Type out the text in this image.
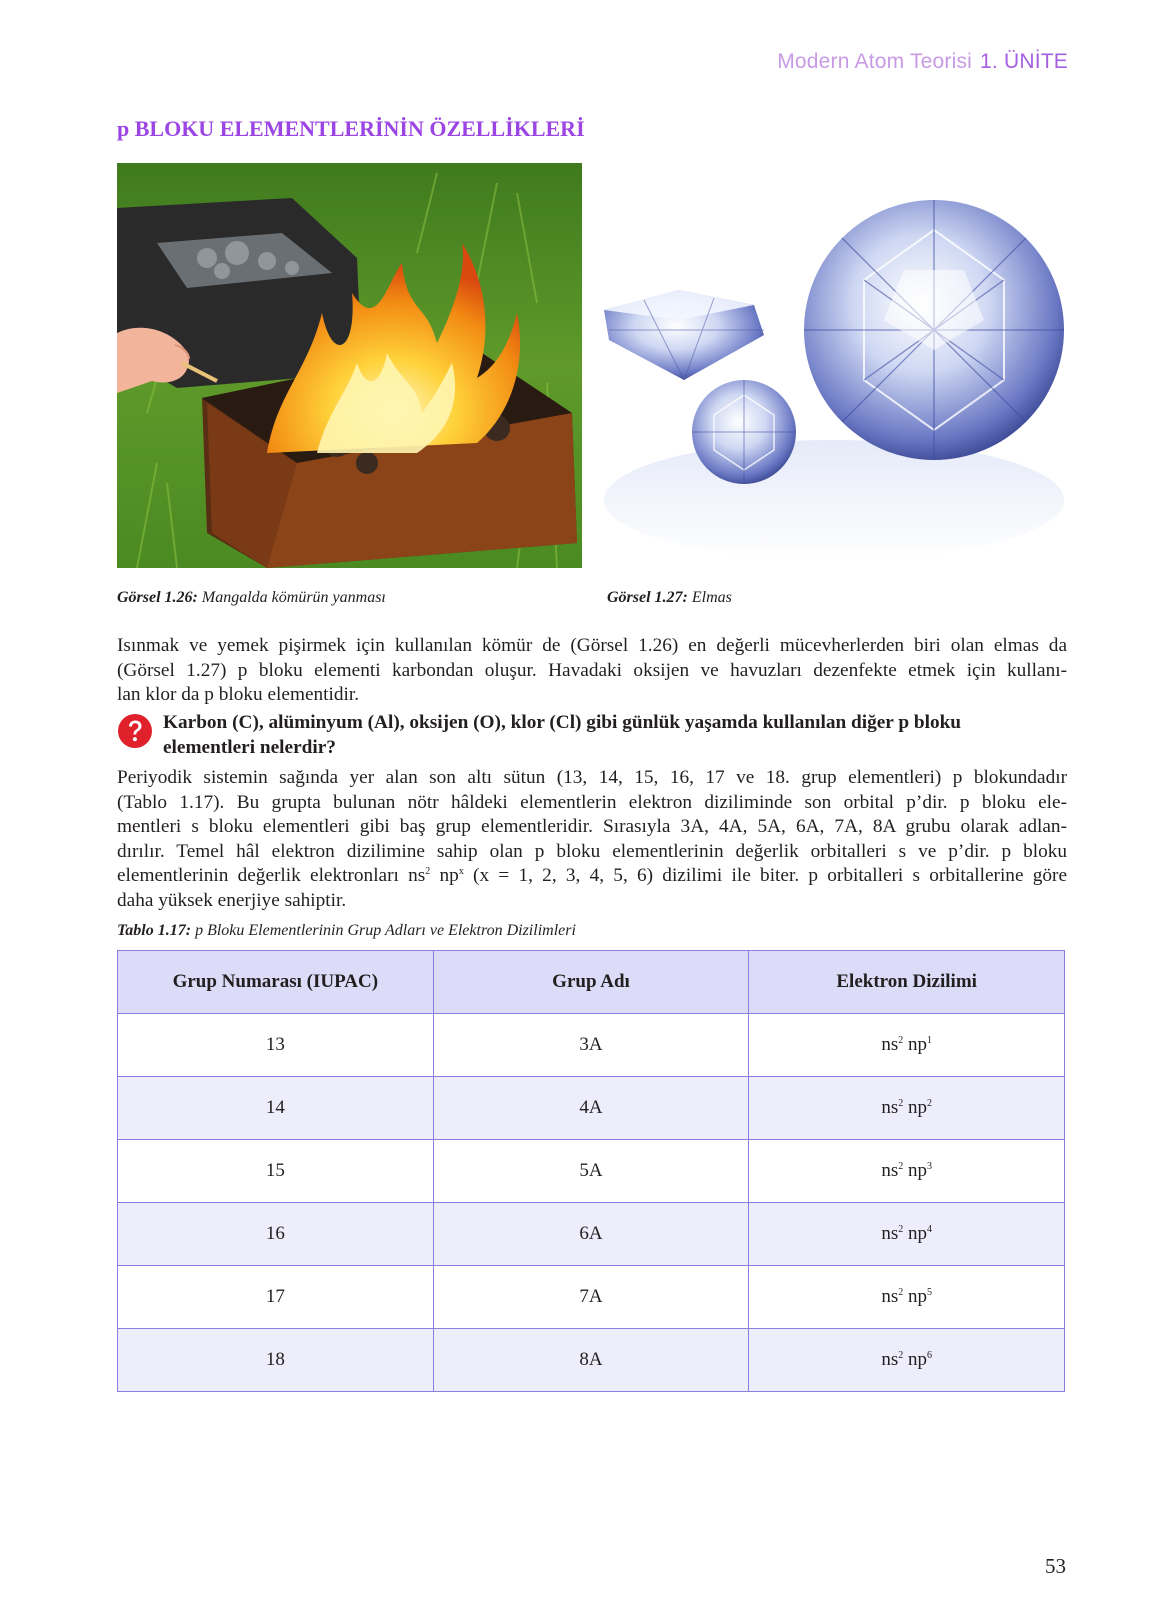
Modern Atom Teorisi 1. ÜNİTE
p BLOKU ELEMENTLERİNİN ÖZELLİKLERİ
Görsel 1.26: Mangalda kömürün yanması	Görsel 1.27: Elmas

Isınmak ve yemek pişirmek için kullanılan kömür de (Görsel 1.26) en değerli mücevherlerden biri olan elmas da
(Görsel 1.27) p bloku elementi karbondan oluşur. Havadaki oksijen ve havuzları dezenfekte etmek için kullanı-
lan klor da p bloku elementidir.

Karbon (C), alüminyum (Al), oksijen (O), klor (Cl) gibi günlük yaşamda kullanılan diğer p bloku
elementleri nelerdir?

Periyodik sistemin sağında yer alan son altı sütun (13, 14, 15, 16, 17 ve 18. grup elementleri) p blokundadır
(Tablo 1.17). Bu grupta bulunan nötr hâldeki elementlerin elektron diziliminde son orbital p’dir. p bloku ele-
mentleri s bloku elementleri gibi baş grup elementleridir. Sırasıyla 3A, 4A, 5A, 6A, 7A, 8A grubu olarak adlan-
dırılır. Temel hâl elektron dizilimine sahip olan p bloku elementlerinin değerlik orbitalleri s ve p’dir. p bloku
elementlerinin değerlik elektronları $ns^2$ $np^x$ (x = 1, 2, 3, 4, 5, 6) dizilimi ile biter. p orbitalleri s orbitallerine göre
daha yüksek enerjiye sahiptir.

Tablo 1.17: p Bloku Elementlerinin Grup Adları ve Elektron Dizilimleri
Grup Numarası (IUPAC)	Grup Adı	Elektron Dizilimi
13	3A	$ns^2$ $np^1$
14	4A	$ns^2$ $np^2$
15	5A	$ns^2$ $np^3$
16	6A	$ns^2$ $np^4$
17	7A	$ns^2$ $np^5$
18	8A	$ns^2$ $np^6$
53
